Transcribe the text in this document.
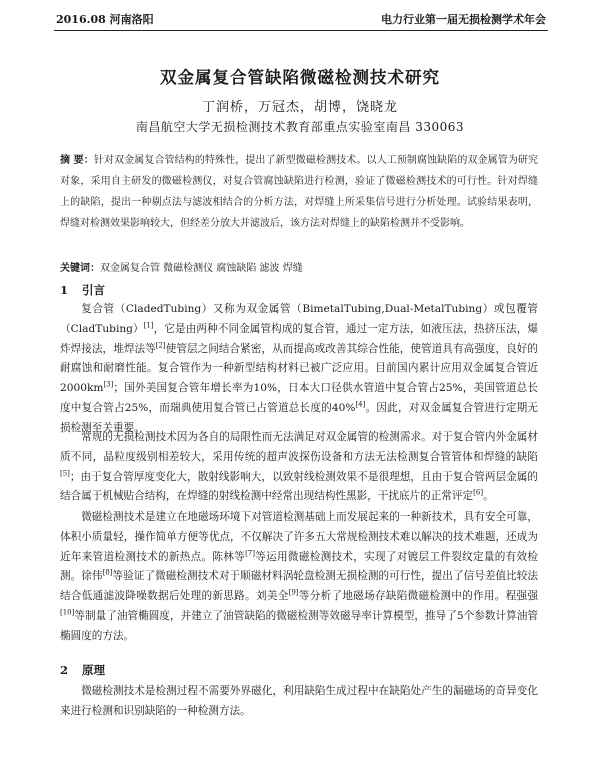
2016.08 河南洛阳	电力行业第一届无损检测学术年会
双金属复合管缺陷微磁检测技术研究
丁润桥，万冠杰，胡博，饶晓龙
南昌航空大学无损检测技术教育部重点实验室南昌 330063
摘 要：针对双金属复合管结构的特殊性，提出了新型微磁检测技术。以人工预制腐蚀缺陷的双金属管为研究对象，采用自主研发的微磁检测仪，对复合管腐蚀缺陷进行检测，验证了微磁检测技术的可行性。针对焊缝上的缺陷，提出一种剔点法与滤波相结合的分析方法，对焊缝上所采集信号进行分析处理。试验结果表明，焊缝对检测效果影响较大，但经差分放大并滤波后，该方法对焊缝上的缺陷检测并不受影响。
关键词：双金属复合管 微磁检测仪 腐蚀缺陷 滤波 焊缝
1 引言
复合管（CladedTubing）又称为双金属管（BimetalTubing,Dual-MetalTubing）或包覆管（CladTubing）[1]，它是由两种不同金属管构成的复合管，通过一定方法，如液压法，热挤压法，爆炸焊接法，堆焊法等[2]使管层之间结合紧密，从而提高或改善其综合性能，使管道具有高强度，良好的耐腐蚀和耐磨性能。复合管作为一种新型结构材料已被广泛应用。目前国内累计应用双金属复合管近2000km[3]；国外美国复合管年增长率为10%，日本大口径供水管道中复合管占25%，美国管道总长度中复合管占25%，而瑞典使用复合管已占管道总长度的40%[4]。因此，对双金属复合管进行定期无损检测至关重要。
常规的无损检测技术因为各自的局限性而无法满足对双金属管的检测需求。对于复合管内外金属材质不同，晶粒度级别相差较大，采用传统的超声波探伤设备和方法无法检测复合管管体和焊缝的缺陷[5]；由于复合管厚度变化大，散射线影响大，以致射线检测效果不是很理想，且由于复合管两层金属的结合属于机械贴合结构，在焊缝的射线检测中经常出现结构性黑影，干扰底片的正常评定[6]。
微磁检测技术是建立在地磁场环境下对管道检测基础上而发展起来的一种新技术，具有安全可靠，体积小质量轻，操作简单方便等优点，不仅解决了许多五大常规检测技术难以解决的技术难题，还成为近年来管道检测技术的新热点。陈林等[7]等运用微磁检测技术，实现了对镀层工件裂纹定量的有效检测。徐伟[8]等验证了微磁检测技术对于顺磁材料涡轮盘检测无损检测的可行性，提出了信号差值比较法结合低通滤波降噪数据后处理的新思路。刘美全[9]等分析了地磁场存缺陷微磁检测中的作用。程强强[10]等制量了油管椭圆度，并建立了油管缺陷的微磁检测等效磁导率计算模型，推导了5个参数计算油管椭圆度的方法。
2 原理
微磁检测技术是检测过程不需要外界磁化，利用缺陷生成过程中在缺陷处产生的漏磁场的奇异变化来进行检测和识别缺陷的一种检测方法。
